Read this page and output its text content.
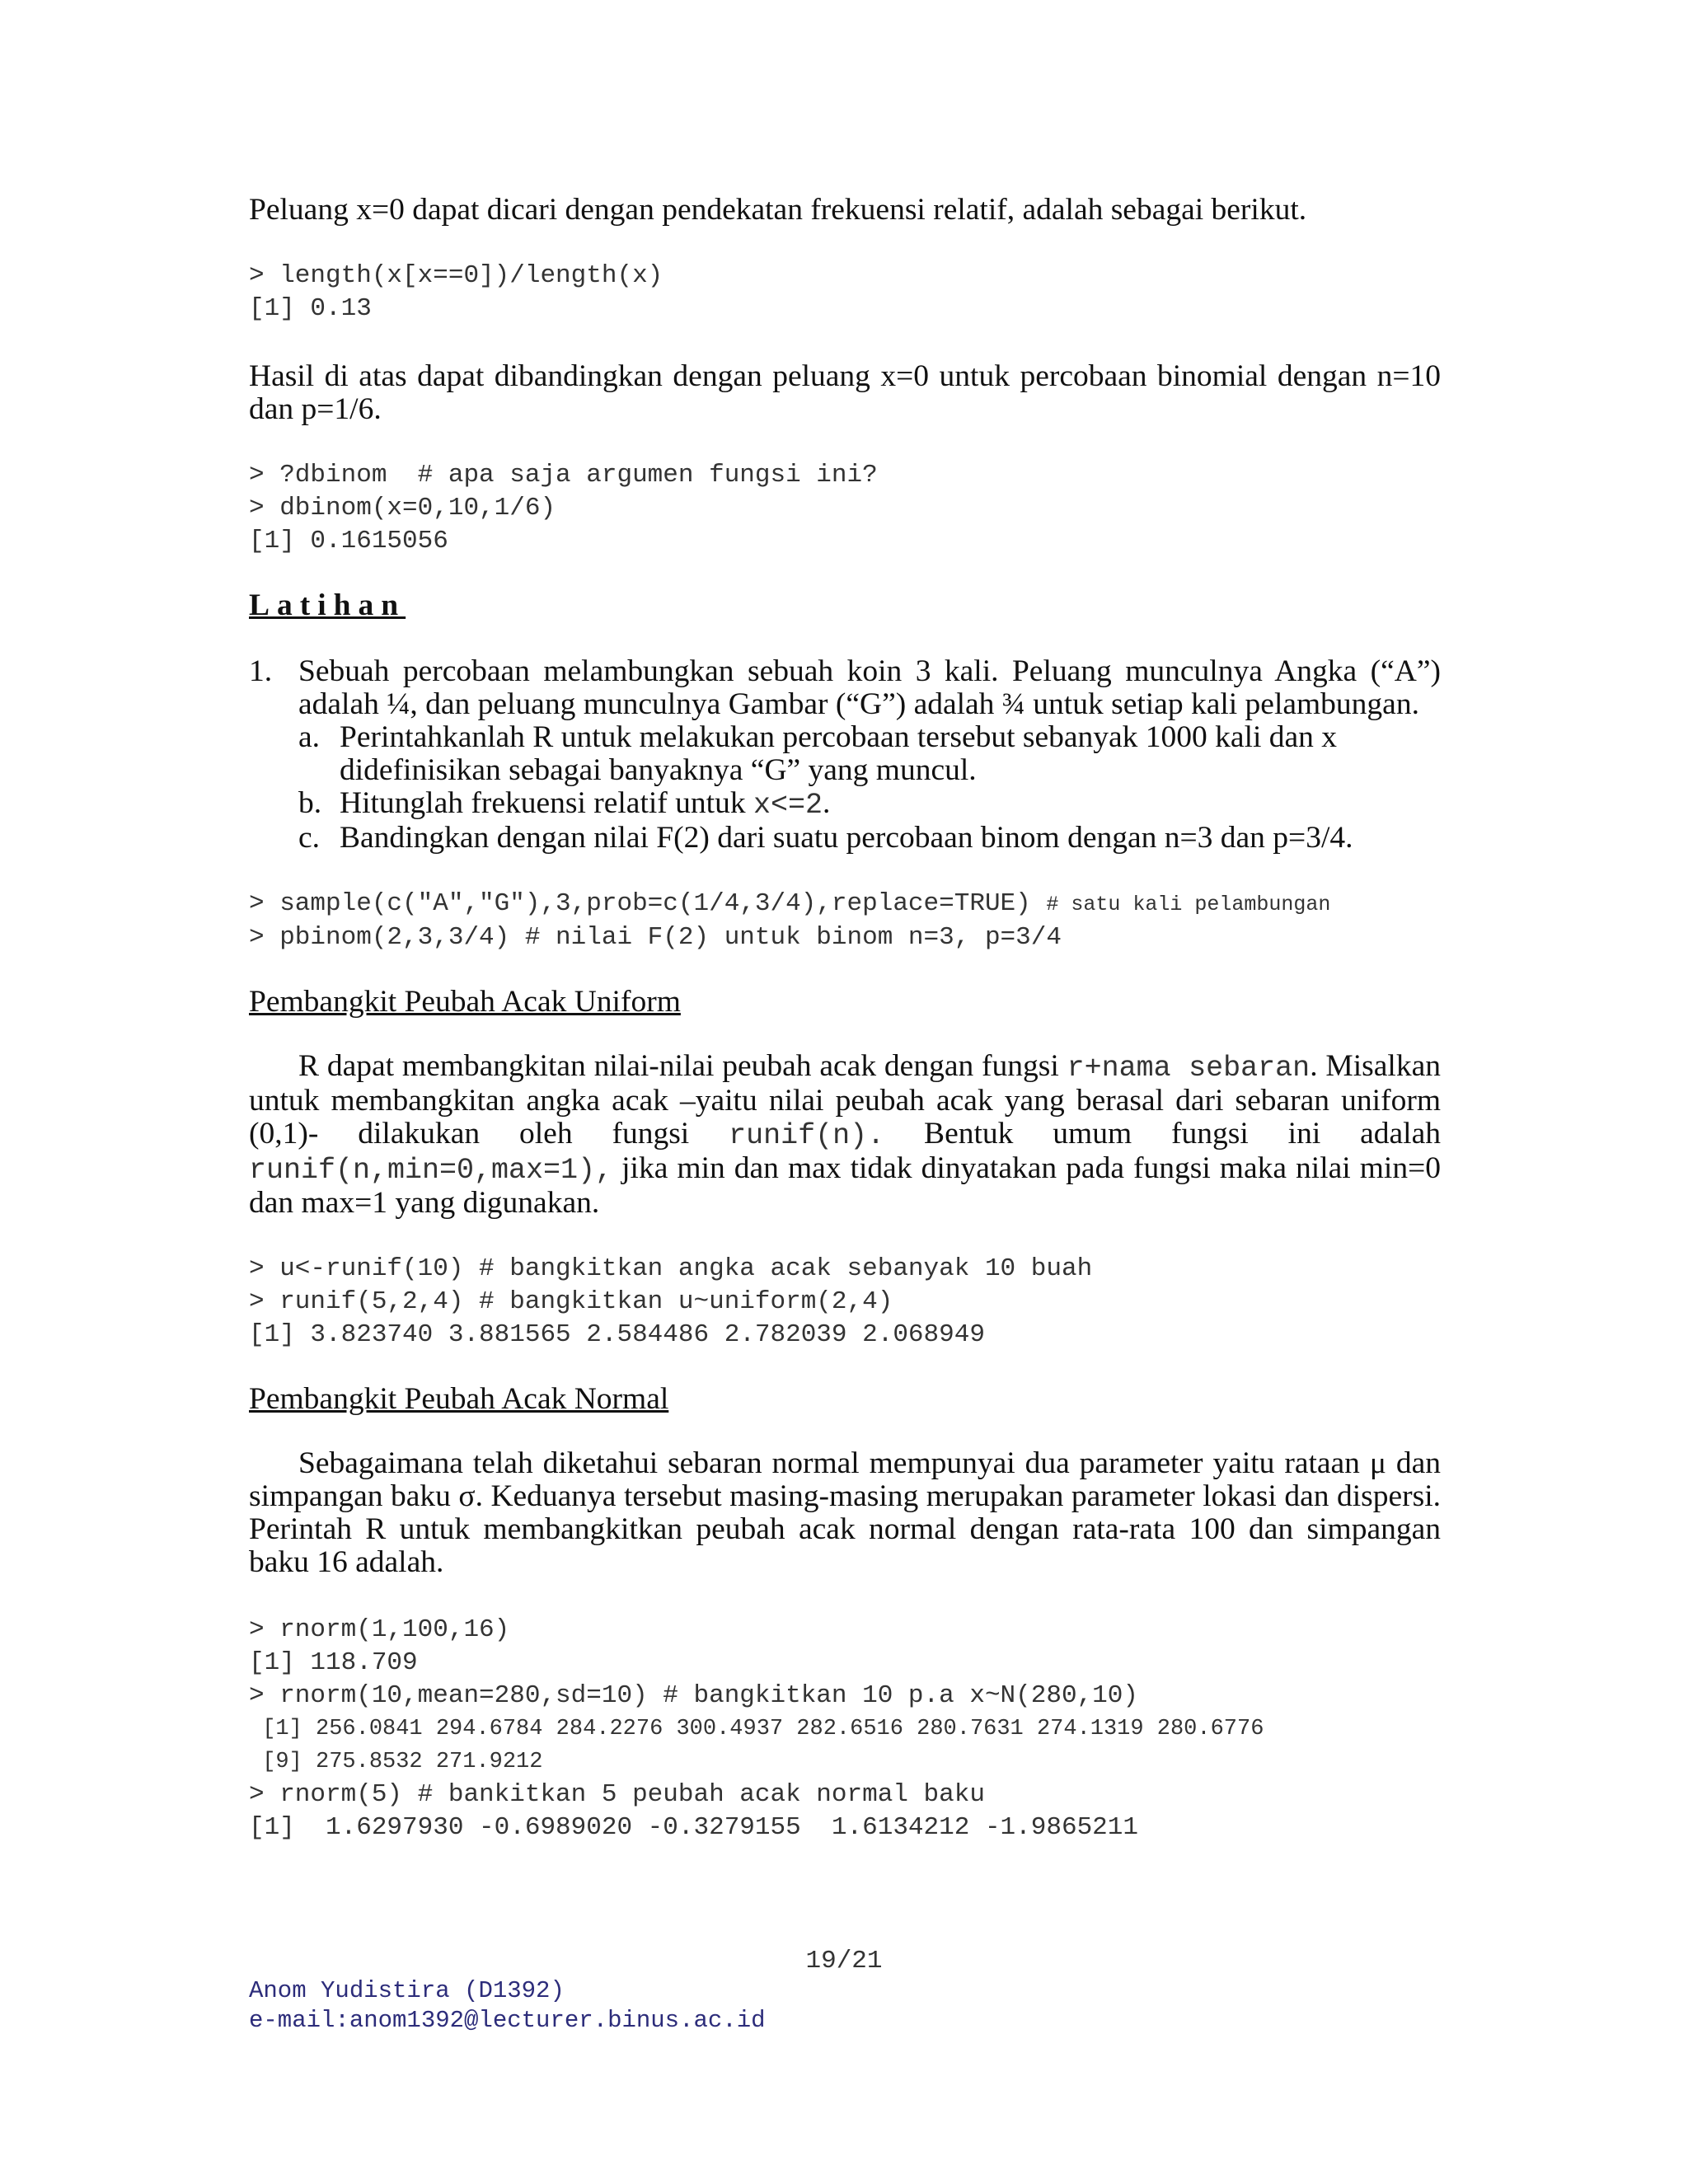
Peluang x=0 dapat dicari dengan pendekatan frekuensi relatif, adalah sebagai berikut.

> length(x[x==0])/length(x)
[1] 0.13

Hasil di atas dapat dibandingkan dengan peluang x=0 untuk percobaan binomial dengan n=10 dan p=1/6.

> ?dbinom  # apa saja argumen fungsi ini?
> dbinom(x=0,10,1/6)
[1] 0.1615056

Latihan

1. Sebuah percobaan melambungkan sebuah koin 3 kali. Peluang munculnya Angka (“A”) adalah ¼, dan peluang munculnya Gambar (“G”) adalah ¾ untuk setiap kali pelambungan.

a. Perintahkanlah R untuk melakukan percobaan tersebut sebanyak 1000 kali dan x didefinisikan sebagai banyaknya “G” yang muncul.

b. Hitunglah frekuensi relatif untuk x<=2.

c. Bandingkan dengan nilai F(2) dari suatu percobaan binom dengan n=3 dan p=3/4.

> sample(c("A","G"),3,prob=c(1/4,3/4),replace=TRUE) # satu kali pelambungan
> pbinom(2,3,3/4) # nilai F(2) untuk binom n=3, p=3/4

Pembangkit Peubah Acak Uniform

R dapat membangkitan nilai-nilai peubah acak dengan fungsi r+nama sebaran. Misalkan untuk membangkitan angka acak –yaitu nilai peubah acak yang berasal dari sebaran uniform (0,1)- dilakukan oleh fungsi runif(n). Bentuk umum fungsi ini adalah runif(n,min=0,max=1), jika min dan max tidak dinyatakan pada fungsi maka nilai min=0 dan max=1 yang digunakan.

> u<-runif(10) # bangkitkan angka acak sebanyak 10 buah
> runif(5,2,4) # bangkitkan u~uniform(2,4)
[1] 3.823740 3.881565 2.584486 2.782039 2.068949

Pembangkit Peubah Acak Normal

Sebagaimana telah diketahui sebaran normal mempunyai dua parameter yaitu rataan μ dan simpangan baku σ. Keduanya tersebut masing-masing merupakan parameter lokasi dan dispersi. Perintah R untuk membangkitkan peubah acak normal dengan rata-rata 100 dan simpangan baku 16 adalah.

> rnorm(1,100,16)
[1] 118.709
> rnorm(10,mean=280,sd=10) # bangkitkan 10 p.a x~N(280,10)
[1] 256.0841 294.6784 284.2276 300.4937 282.6516 280.7631 274.1319 280.6776
[9] 275.8532 271.9212
> rnorm(5) # bankitkan 5 peubah acak normal baku
[1]  1.6297930 -0.6989020 -0.3279155  1.6134212 -1.9865211
19/21
Anom Yudistira (D1392)
e-mail:anom1392@lecturer.binus.ac.id
